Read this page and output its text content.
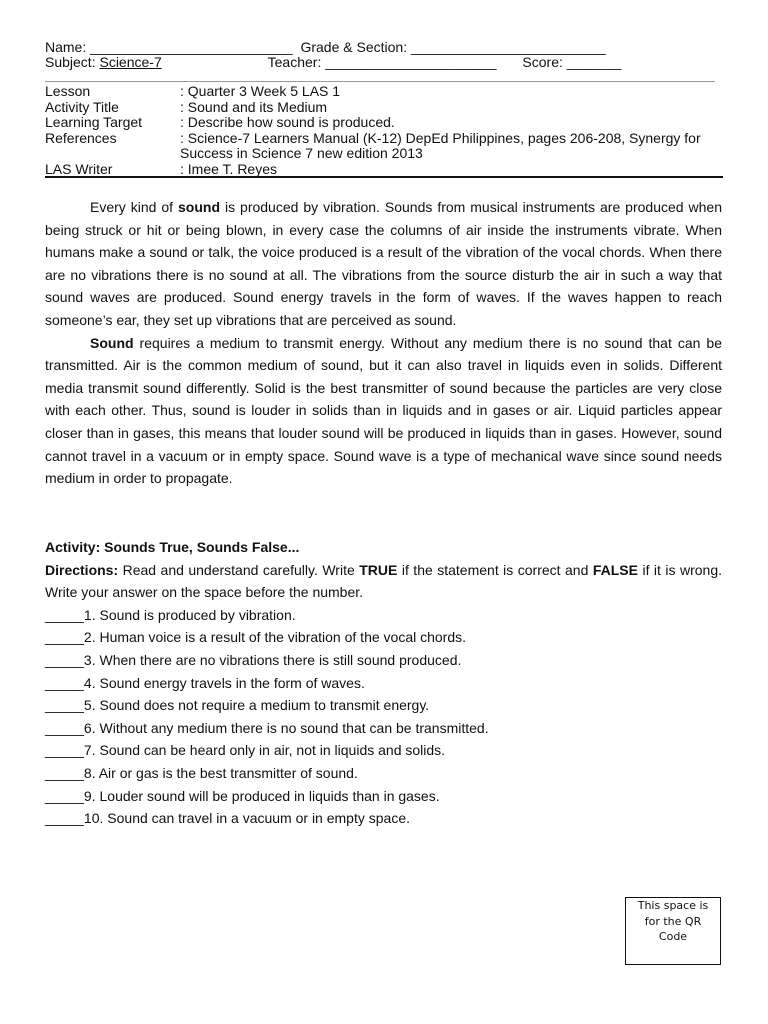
Name: __________________________ Grade & Section: _________________________
Subject: Science-7	Teacher: ______________________ Score: _______
Lesson	: Quarter 3 Week 5 LAS 1
Activity Title	: Sound and its Medium
Learning Target	: Describe how sound is produced.
References	: Science-7 Learners Manual (K-12) DepEd Philippines, pages 206-208, Synergy for Success in Science 7 new edition 2013
LAS Writer	: Imee T. Reyes

Every kind of sound is produced by vibration. Sounds from musical instruments are produced when being struck or hit or being blown, in every case the columns of air inside the instruments vibrate. When humans make a sound or talk, the voice produced is a result of the vibration of the vocal chords. When there are no vibrations there is no sound at all. The vibrations from the source disturb the air in such a way that sound waves are produced. Sound energy travels in the form of waves. If the waves happen to reach someone’s ear, they set up vibrations that are perceived as sound.

Sound requires a medium to transmit energy. Without any medium there is no sound that can be transmitted. Air is the common medium of sound, but it can also travel in liquids even in solids. Different media transmit sound differently. Solid is the best transmitter of sound because the particles are very close with each other. Thus, sound is louder in solids than in liquids and in gases or air. Liquid particles appear closer than in gases, this means that louder sound will be produced in liquids than in gases. However, sound cannot travel in a vacuum or in empty space. Sound wave is a type of mechanical wave since sound needs medium in order to propagate.

Activity: Sounds True, Sounds False...
Directions: Read and understand carefully. Write TRUE if the statement is correct and FALSE if it is wrong. Write your answer on the space before the number.
_____1. Sound is produced by vibration.
_____2. Human voice is a result of the vibration of the vocal chords.
_____3. When there are no vibrations there is still sound produced.
_____4. Sound energy travels in the form of waves.
_____5. Sound does not require a medium to transmit energy.
_____6. Without any medium there is no sound that can be transmitted.
_____7. Sound can be heard only in air, not in liquids and solids.
_____8. Air or gas is the best transmitter of sound.
_____9. Louder sound will be produced in liquids than in gases.
_____10. Sound can travel in a vacuum or in empty space.
This space is
for the QR
Code
